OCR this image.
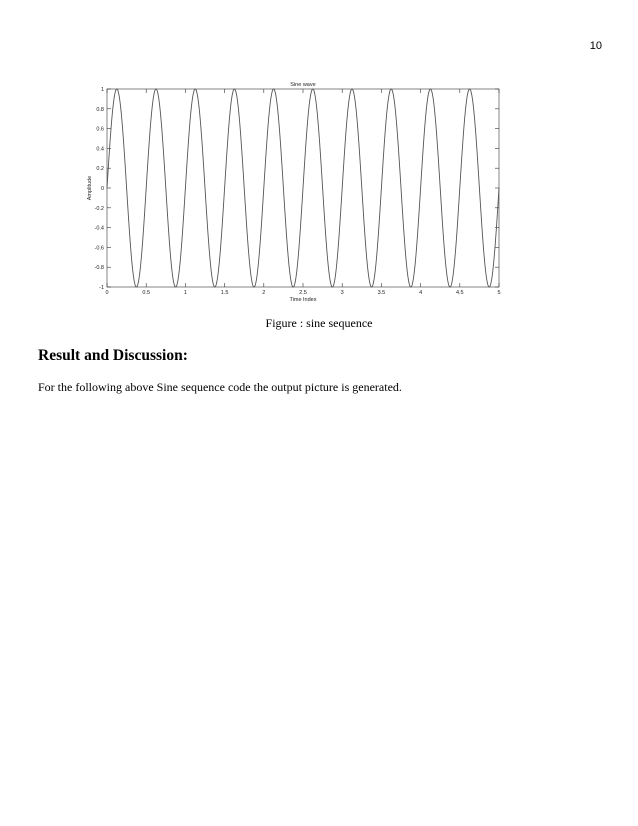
10
-1
-0.8
-0.6
-0.4
-0.2
0
0.2
0.4
0.6
0.8
1
0	0.5	1	1.5	2	2.5	3	3.5	4	4.5	5
Sine wave
Time Index
Amplitude
Figure : sine sequence
Result and Discussion:

For the following above Sine sequence code the output picture is generated.
